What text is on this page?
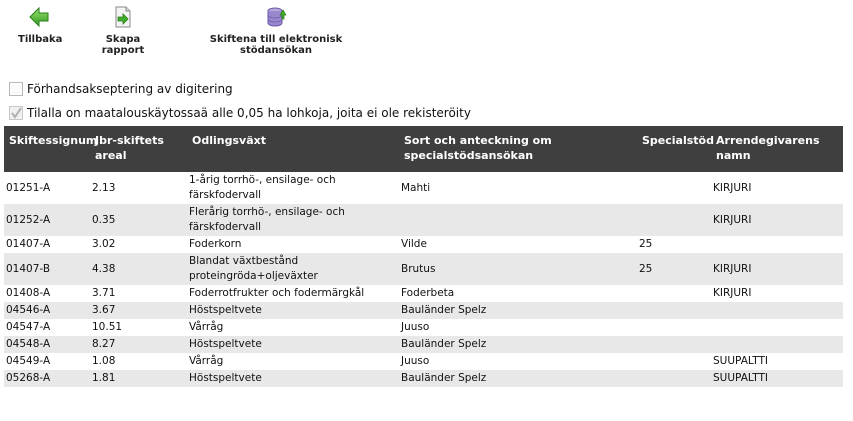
Tillbaka	Skapa rapport
Skiftena till elektronisk stödansökan
Förhandsakseptering av digitering
Tilalla on maatalouskäytossaä alle 0,05 ha lohkoja, joita ei ole rekisteröity
Skiftessignum	Jbr-skiftets areal	Odlingsväxt	Sort och anteckning om specialstödsansökan	Specialstöd	Arrendegivarens namn
01251-A	2.13	1-årig torrhö-, ensilage- och färskfodervall	Mahti		KIRJURI
01252-A	0.35	Flerårig torrhö-, ensilage- och färskfodervall			KIRJURI
01407-A	3.02	Foderkorn	Vilde	25	
01407-B	4.38	Blandat växtbestånd proteingröda+oljeväxter	Brutus	25	KIRJURI
01408-A	3.71	Foderrotfrukter och fodermärgkål	Foderbeta		KIRJURI
04546-A	3.67	Höstspeltvete	Bauländer Spelz		
04547-A	10.51	Vårråg	Juuso		
04548-A	8.27	Höstspeltvete	Bauländer Spelz		
04549-A	1.08	Vårråg	Juuso		SUUPALTTI
05268-A	1.81	Höstspeltvete	Bauländer Spelz		SUUPALTTI
